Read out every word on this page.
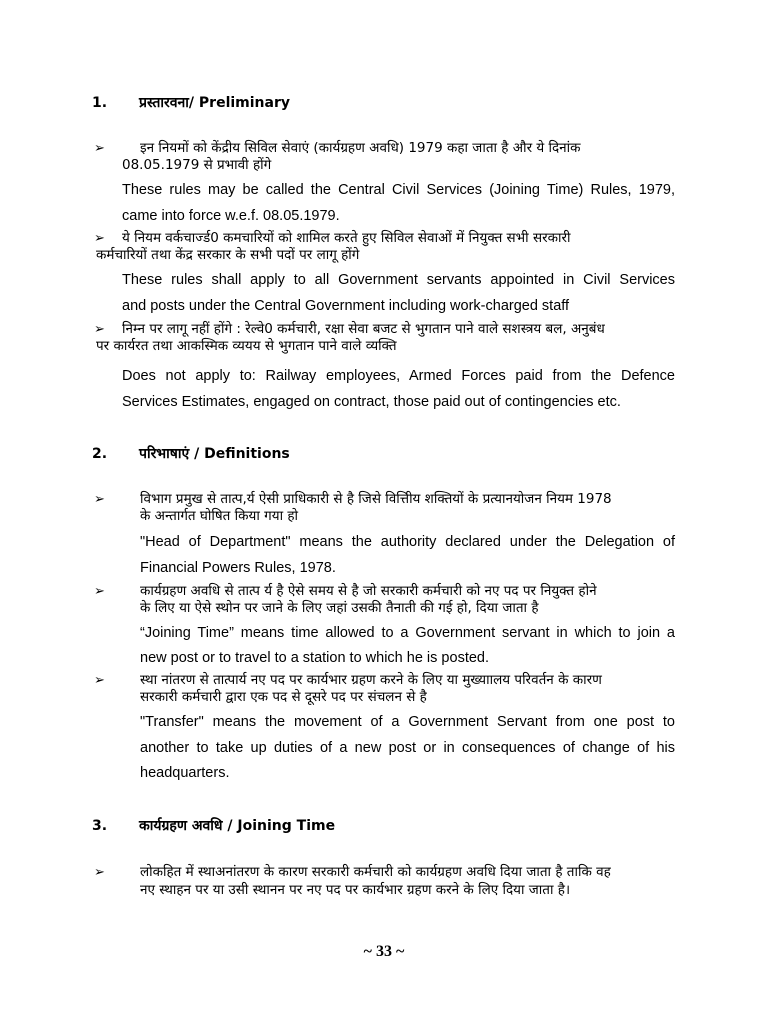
1. प्रस्तारवना/ Preliminary
➢	इन नियमों को केंद्रीय सिविल सेवाएं (कार्यग्रहण अवधि) 1979 कहा जाता है और ये दिनांक
08.05.1979 से प्रभावी होंगे
These rules may be called the Central Civil Services (Joining Time) Rules, 1979,
came into force w.e.f. 08.05.1979.
➢ ये नियम वर्कचार्ज्ड0 कमचारियों को शामिल करते हुए सिविल सेवाओं में नियुक्त सभी सरकारी
कर्मचारियों तथा केंद्र सरकार के सभी पदों पर लागू होंगे
These rules shall apply to all Government servants appointed in Civil Services
and posts under the Central Government including work-charged staff
➢ निम्न पर लागू नहीं होंगे : रेल्वे0 कर्मचारी, रक्षा सेवा बजट से भुगतान पाने वाले सशस्त्रय बल, अनुबंध
पर कार्यरत तथा आकस्मिक व्ययय से भुगतान पाने वाले व्यक्ति
Does not apply to: Railway employees, Armed Forces paid from the Defence
Services Estimates, engaged on contract, those paid out of contingencies etc.
2. परिभाषाएं / Definitions
➢	विभाग प्रमुख से तात्प,र्य ऐसी प्राधिकारी से है जिसे वित्तीिय शक्तियों के प्रत्यानयोजन नियम 1978
के अन्तार्गत घोषित किया गया हो
"Head of Department" means the authority declared under the Delegation of
Financial Powers Rules, 1978.
➢	कार्यग्रहण अवधि से तात्प र्य है ऐसे समय से है जो सरकारी कर्मचारी को नए पद पर नियुक्त होने
के लिए या ऐसे स्थाेन पर जाने के लिए जहां उसकी तैनाती की गई हो, दिया जाता है
“Joining Time” means time allowed to a Government servant in which to join a
new post or to travel to a station to which he is posted.
➢	स्था नांतरण से तात्पार्य नए पद पर कार्यभार ग्रहण करने के लिए या मुख्याालय परिवर्तन के कारण
सरकारी कर्मचारी द्वारा एक पद से दूसरे पद पर संचलन से है
"Transfer" means the movement of a Government Servant from one post to
another to take up duties of a new post or in consequences of change of his
headquarters.
3. कार्यग्रहण अवधि / Joining Time
➢	लोकहित में स्थाअनांतरण के कारण सरकारी कर्मचारी को कार्यग्रहण अवधि दिया जाता है ताकि वह
नए स्थाहन पर या उसी स्थानन पर नए पद पर कार्यभार ग्रहण करने के लिए दिया जाता है।
~ 33 ~
